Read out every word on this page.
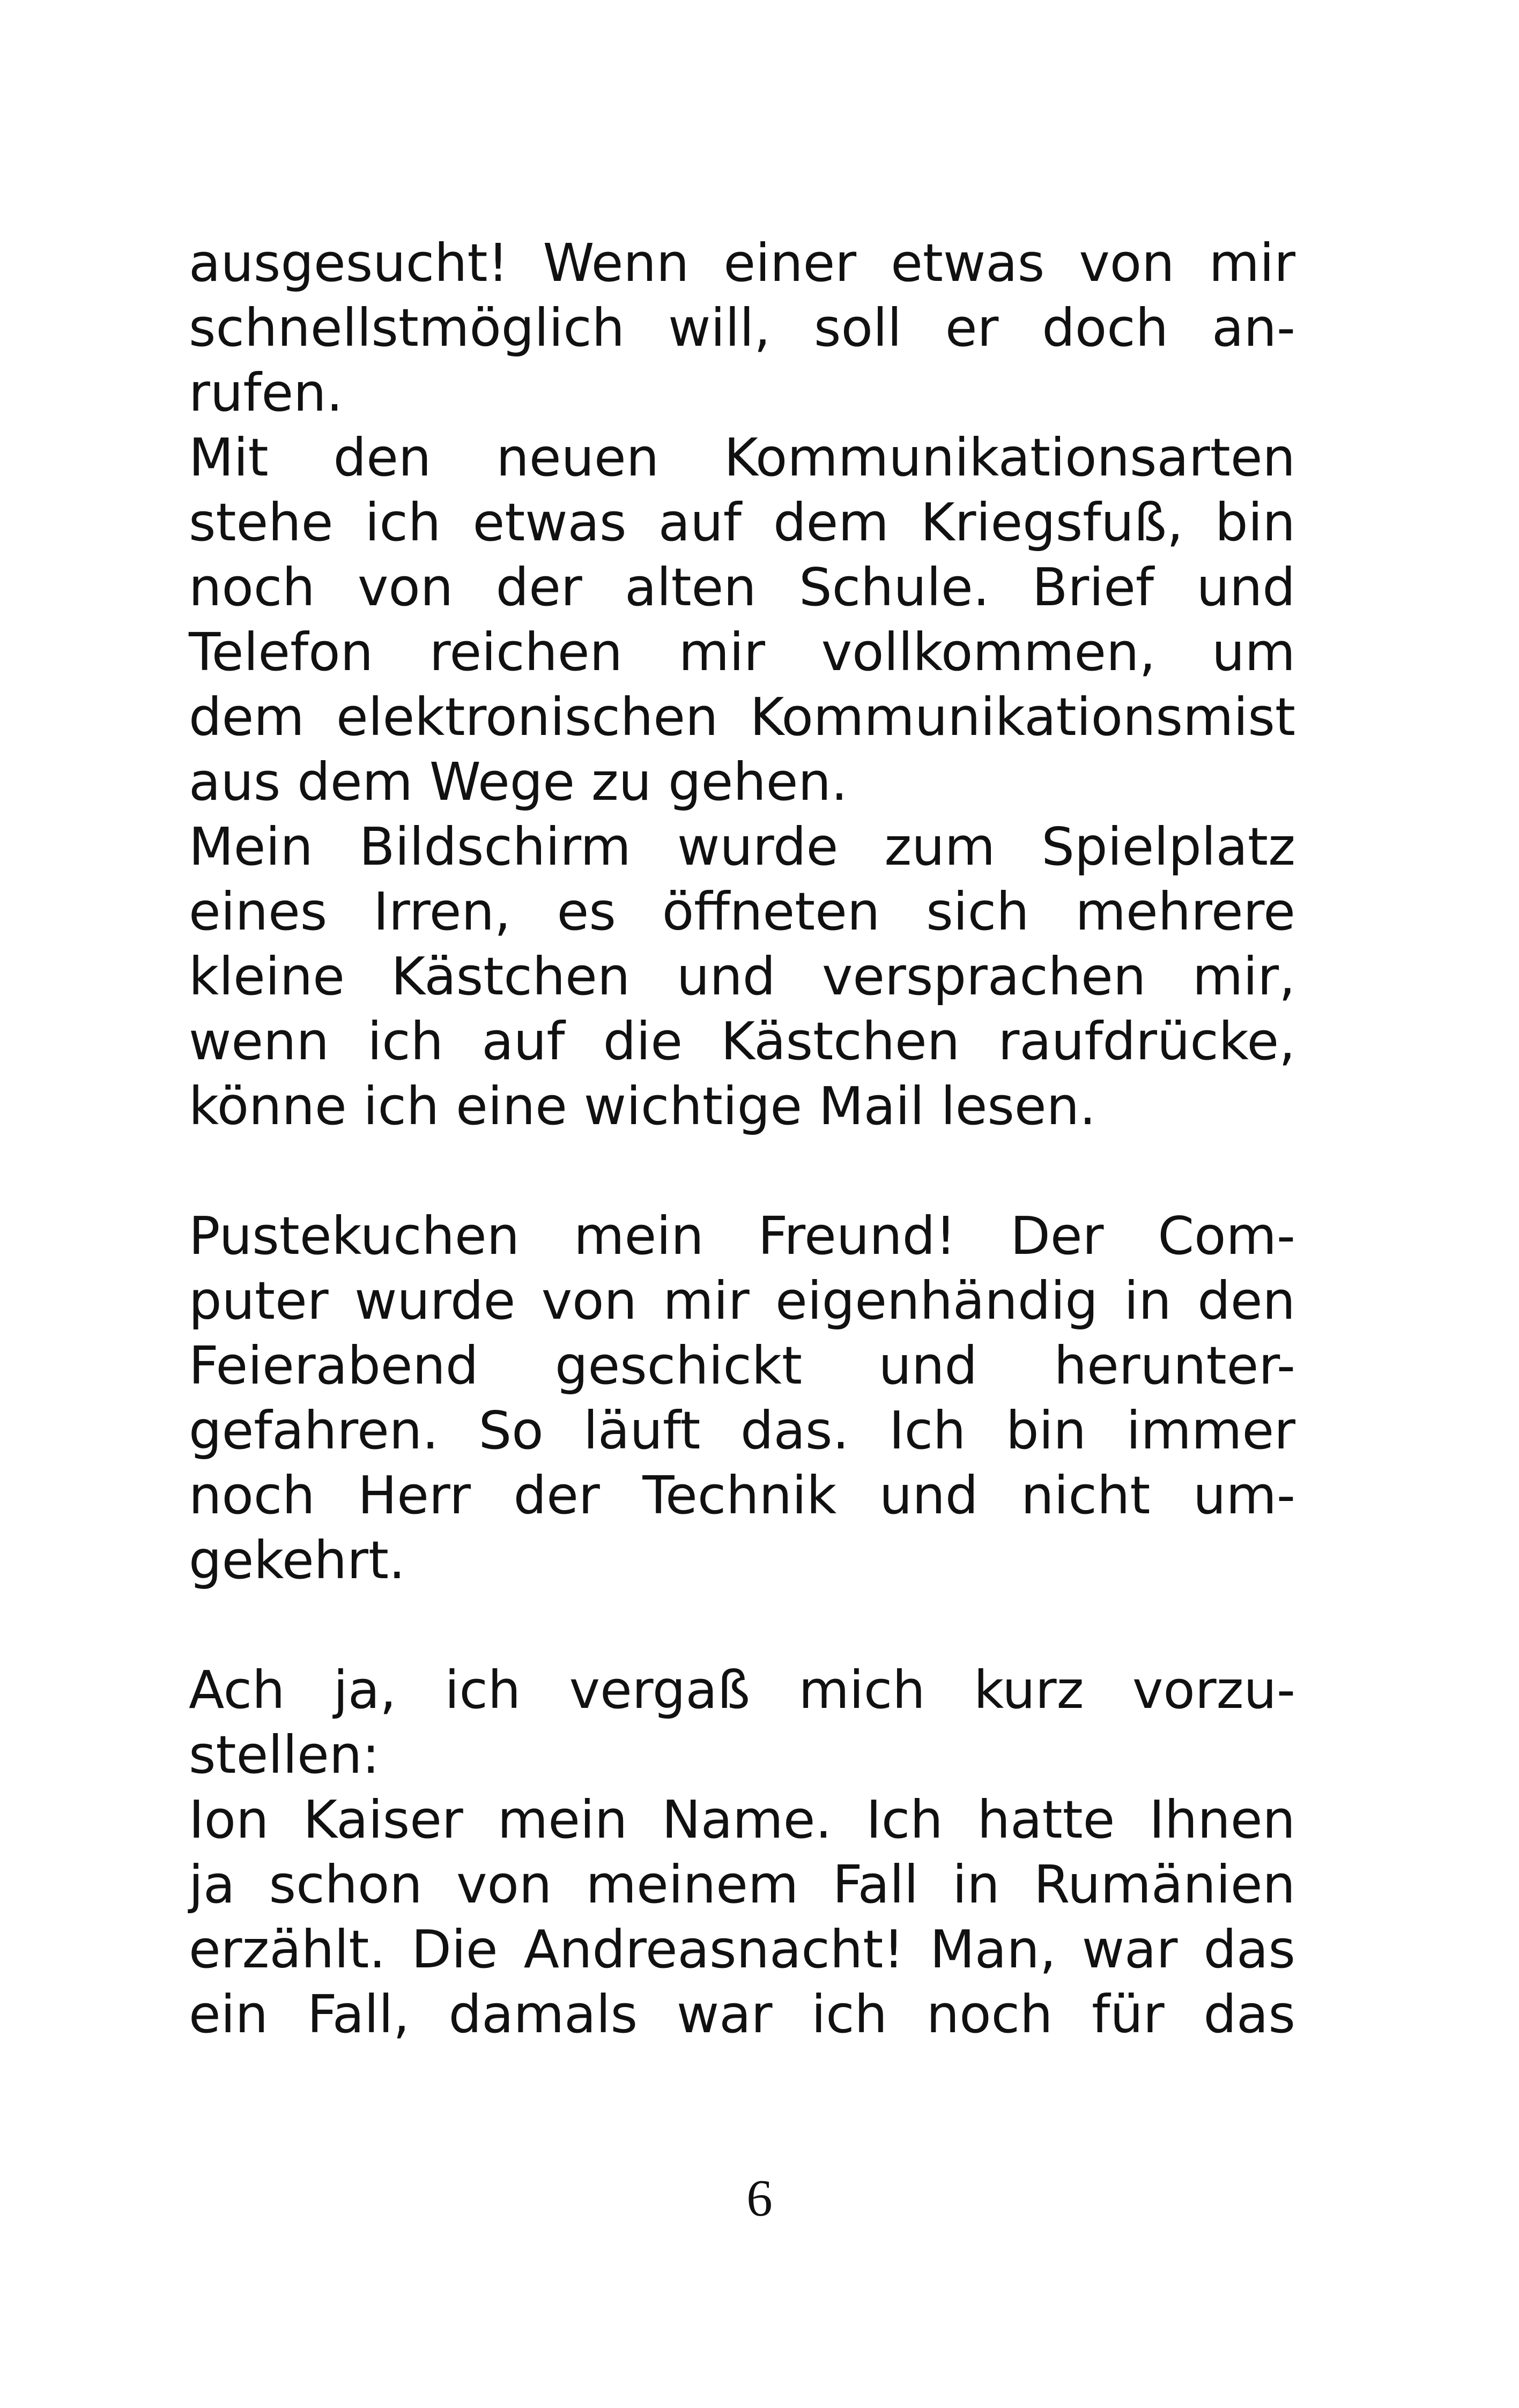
ausgesucht! Wenn einer etwas von mir
schnellstmöglich will, soll er doch an-
rufen.
Mit den neuen Kommunikationsarten
stehe ich etwas auf dem Kriegsfuß, bin
noch von der alten Schule. Brief und
Telefon reichen mir vollkommen, um
dem elektronischen Kommunikationsmist
aus dem Wege zu gehen.
Mein Bildschirm wurde zum Spielplatz
eines Irren, es öffneten sich mehrere
kleine Kästchen und versprachen mir,
wenn ich auf die Kästchen raufdrücke,
könne ich eine wichtige Mail lesen.
Pustekuchen mein Freund! Der Com-
puter wurde von mir eigenhändig in den
Feierabend geschickt und herunter-
gefahren. So läuft das. Ich bin immer
noch Herr der Technik und nicht um-
gekehrt.
Ach ja, ich vergaß mich kurz vorzu-
stellen:
Ion Kaiser mein Name. Ich hatte Ihnen
ja schon von meinem Fall in Rumänien
erzählt. Die Andreasnacht! Man, war das
ein Fall, damals war ich noch für das
6
